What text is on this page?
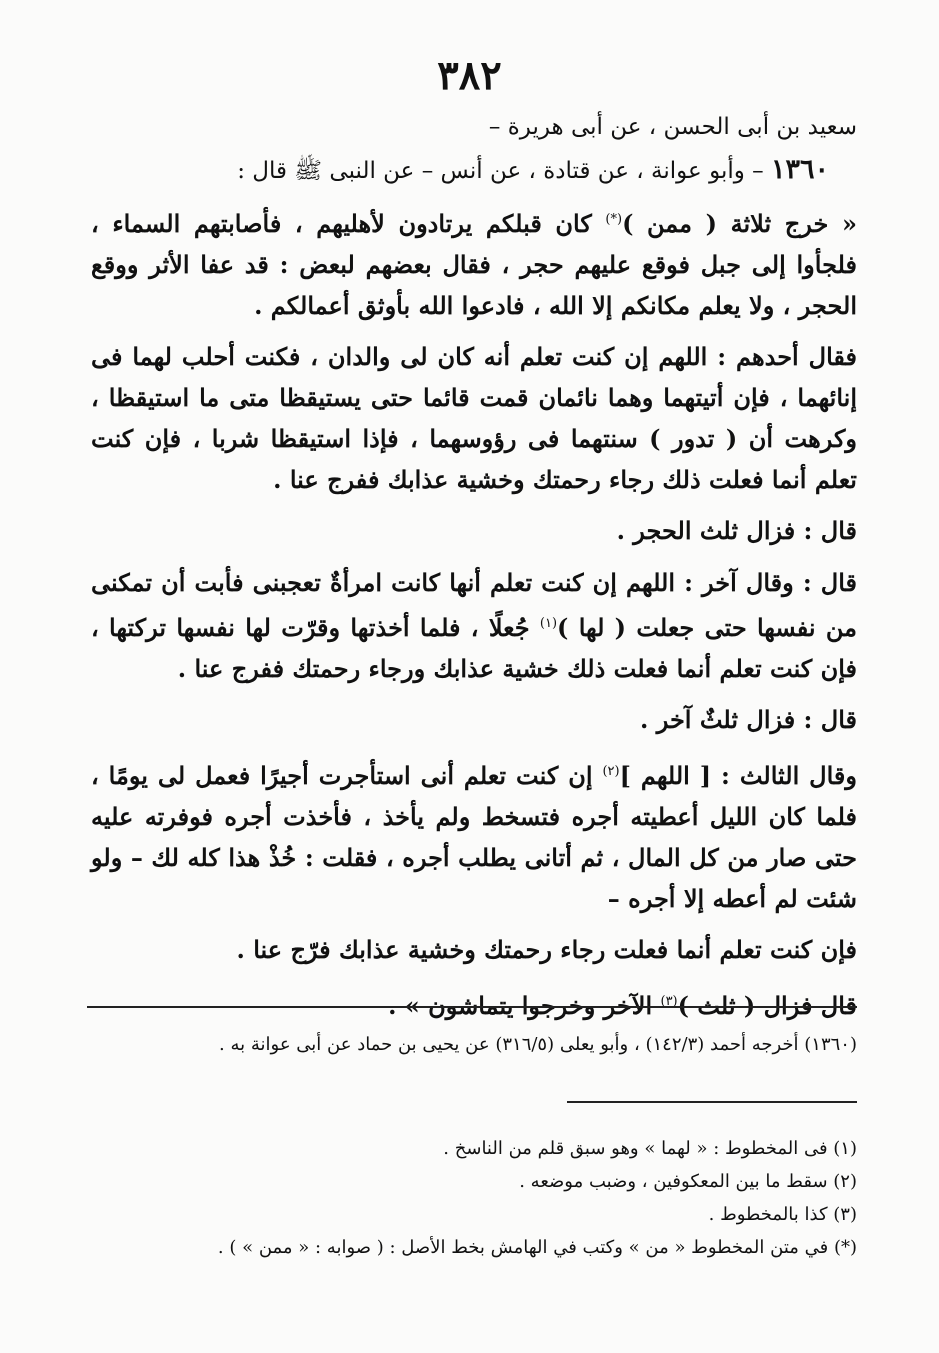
٣٨٢

سعيد بن أبى الحسن ، عن أبى هريرة –

١٣٦٠ – وأبو عوانة ، عن قتادة ، عن أنس – عن النبى ﷺ قال :

« خرج ثلاثة ( ممن )(*) كان قبلكم يرتادون لأهليهم ، فأصابتهم السماء ، فلجأوا إلى جبل فوقع عليهم حجر ، فقال بعضهم لبعض : قد عفا الأثر ووقع الحجر ، ولا يعلم مكانكم إلا الله ، فادعوا الله بأوثق أعمالكم .

فقال أحدهم : اللهم إن كنت تعلم أنه كان لى والدان ، فكنت أحلب لهما فى إنائهما ، فإن أتيتهما وهما نائمان قمت قائما حتى يستيقظا متى ما استيقظا ، وكرهت أن ( تدور ) سنتهما فى رؤوسهما ، فإذا استيقظا شربا ، فإن كنت تعلم أنما فعلت ذلك رجاء رحمتك وخشية عذابك ففرج عنا .

قال : فزال ثلث الحجر .

قال : وقال آخر : اللهم إن كنت تعلم أنها كانت امرأةٌ تعجبنى فأبت أن تمكنى من نفسها حتى جعلت ( لها )$^{(١)}$ جُعلًا ، فلما أخذتها وقرّت لها نفسها تركتها ، فإن كنت تعلم أنما فعلت ذلك خشية عذابك ورجاء رحمتك ففرج عنا .

قال : فزال ثلثٌ آخر .

وقال الثالث : [ اللهم ]$^{(٢)}$ إن كنت تعلم أنى استأجرت أجيرًا فعمل لى يومًا ، فلما كان الليل أعطيته أجره فتسخط ولم يأخذ ، فأخذت أجره فوفرته عليه حتى صار من كل المال ، ثم أتانى يطلب أجره ، فقلت : خُذْ هذا كله لك – ولو شئت لم أعطه إلا أجره –

فإن كنت تعلم أنما فعلت رجاء رحمتك وخشية عذابك فرّج عنا .

قال فزال ( ثلث )$^{(٣)}$ الآخر وخرجوا يتماشون » .

(١٣٦٠) أخرجه أحمد (١٤٢/٣) ، وأبو يعلى (٣١٦/٥) عن يحيى بن حماد عن أبى عوانة به .
(١) فى المخطوط : « لهما » وهو سبق قلم من الناسخ .
(٢) سقط ما بين المعكوفين ، وضبب موضعه .
(٣) كذا بالمخطوط .
(*) في متن المخطوط « من » وكتب في الهامش بخط الأصل : ( صوابه : « ممن » ) .
